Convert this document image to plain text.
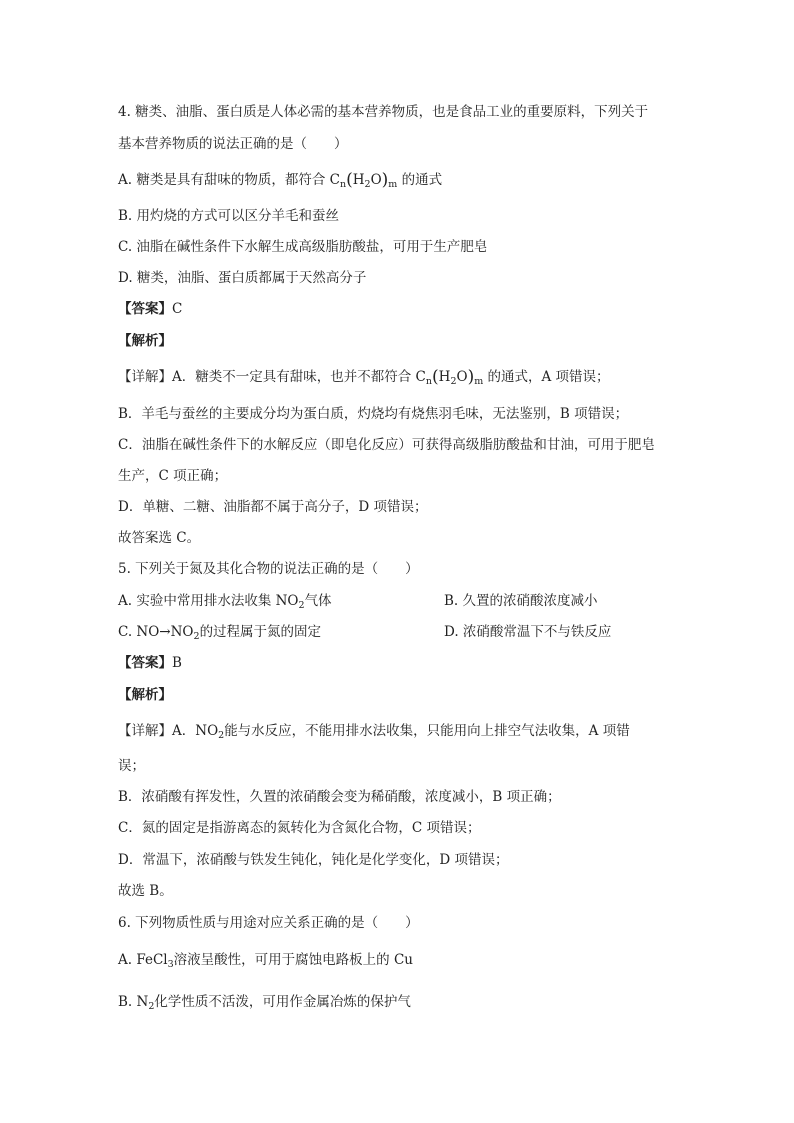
4. 糖类、油脂、蛋白质是人体必需的基本营养物质，也是食品工业的重要原料，下列关于
基本营养物质的说法正确的是（　　）
A. 糖类是具有甜味的物质，都符合 $C_n(H_2O)_m$ 的通式
B. 用灼烧的方式可以区分羊毛和蚕丝
C. 油脂在碱性条件下水解生成高级脂肪酸盐，可用于生产肥皂
D. 糖类，油脂、蛋白质都属于天然高分子
【答案】C
【解析】
【详解】A．糖类不一定具有甜味，也并不都符合 $C_n(H_2O)_m$ 的通式，A 项错误；
B．羊毛与蚕丝的主要成分均为蛋白质，灼烧均有烧焦羽毛味，无法鉴别，B 项错误；
C．油脂在碱性条件下的水解反应（即皂化反应）可获得高级脂肪酸盐和甘油，可用于肥皂
生产，C 项正确；
D．单糖、二糖、油脂都不属于高分子，D 项错误；
故答案选 C。
5. 下列关于氮及其化合物的说法正确的是（　　）
A. 实验中常用排水法收集 $NO_2$气体	B. 久置的浓硝酸浓度减小
C. $NO\to NO_2$的过程属于氮的固定	D. 浓硝酸常温下不与铁反应
【答案】B
【解析】
【详解】A．$NO_2$能与水反应，不能用排水法收集，只能用向上排空气法收集，A 项错
误；
B．浓硝酸有挥发性，久置的浓硝酸会变为稀硝酸，浓度减小，B 项正确；
C．氮的固定是指游离态的氮转化为含氮化合物，C 项错误；
D．常温下，浓硝酸与铁发生钝化，钝化是化学变化，D 项错误；
故选 B。
6. 下列物质性质与用途对应关系正确的是（　　）
A. FeCl$_3$溶液呈酸性，可用于腐蚀电路板上的 Cu
B. $N_2$化学性质不活泼，可用作金属冶炼的保护气
